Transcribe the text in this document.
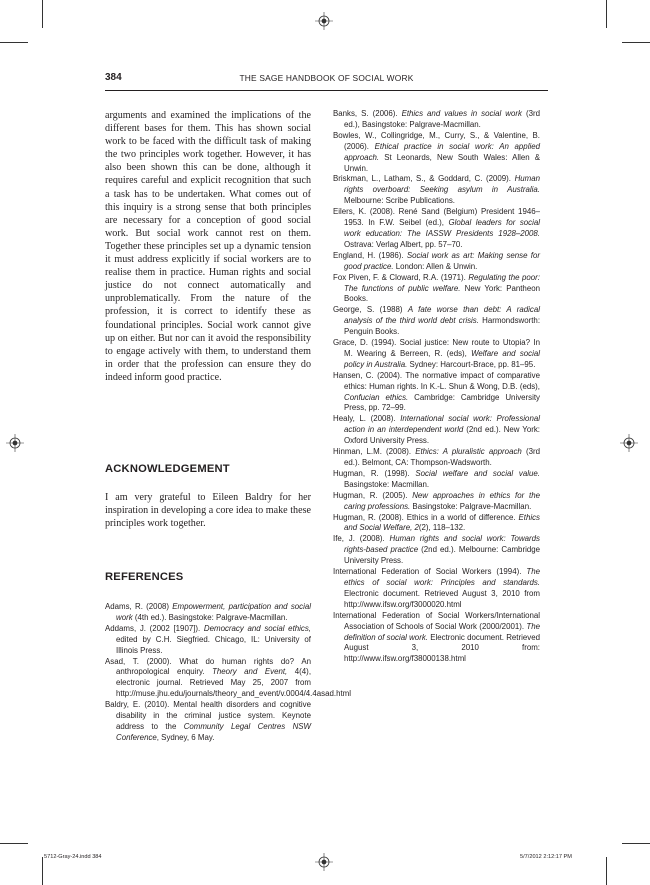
384	THE SAGE HANDBOOK OF SOCIAL WORK

arguments and examined the implications of the different bases for them. This has shown social work to be faced with the difficult task of making the two principles work together. However, it has also been shown this can be done, although it requires careful and explicit recognition that such a task has to be undertaken. What comes out of this inquiry is a strong sense that both principles are necessary for a conception of good social work. But social work cannot rest on them. Together these principles set up a dynamic tension it must address explicitly if social workers are to realise them in practice. Human rights and social justice do not connect automatically and unproblematically. From the nature of the profession, it is correct to identify these as foundational principles. Social work cannot give up on either. But nor can it avoid the responsibility to engage actively with them, to understand them in order that the profession can ensure they do indeed inform good practice.

ACKNOWLEDGEMENT

I am very grateful to Eileen Baldry for her inspiration in developing a core idea to make these principles work together.

REFERENCES

Adams, R. (2008) Empowerment, participation and social work (4th ed.). Basingstoke: Palgrave-Macmillan.

Addams, J. (2002 [1907]). Democracy and social ethics, edited by C.H. Siegfried. Chicago, IL: University of Illinois Press.

Asad, T. (2000). What do human rights do? An anthropological enquiry. Theory and Event, 4(4), electronic journal. Retrieved May 25, 2007 from http://muse.jhu.edu/journals/theory_and_event/v.0004/4.4asad.html

Baldry, E. (2010). Mental health disorders and cognitive disability in the criminal justice system. Keynote address to the Community Legal Centres NSW Conference, Sydney, 6 May.

Banks, S. (2006). Ethics and values in social work (3rd ed.), Basingstoke: Palgrave-Macmillan.

Bowles, W., Collingridge, M., Curry, S., & Valentine, B. (2006). Ethical practice in social work: An applied approach. St Leonards, New South Wales: Allen & Unwin.

Briskman, L., Latham, S., & Goddard, C. (2009). Human rights overboard: Seeking asylum in Australia. Melbourne: Scribe Publications.

Eilers, K. (2008). René Sand (Belgium) President 1946–1953. In F.W. Seibel (ed.), Global leaders for social work education: The IASSW Presidents 1928–2008. Ostrava: Verlag Albert, pp. 57–70.

England, H. (1986). Social work as art: Making sense for good practice. London: Allen & Unwin.

Fox Piven, F. & Cloward, R.A. (1971). Regulating the poor: The functions of public welfare. New York: Pantheon Books.

George, S. (1988) A fate worse than debt: A radical analysis of the third world debt crisis. Harmondsworth: Penguin Books.

Grace, D. (1994). Social justice: New route to Utopia? In M. Wearing & Berreen, R. (eds), Welfare and social policy in Australia. Sydney: Harcourt-Brace, pp. 81–95.

Hansen, C. (2004). The normative impact of comparative ethics: Human rights. In K.-L. Shun & Wong, D.B. (eds), Confucian ethics. Cambridge: Cambridge University Press, pp. 72–99.

Healy, L. (2008). International social work: Professional action in an interdependent world (2nd ed.). New York: Oxford University Press.

Hinman, L.M. (2008). Ethics: A pluralistic approach (3rd ed.). Belmont, CA: Thompson-Wadsworth.

Hugman, R. (1998). Social welfare and social value. Basingstoke: Macmillan.

Hugman, R. (2005). New approaches in ethics for the caring professions. Basingstoke: Palgrave-Macmillan.

Hugman, R. (2008). Ethics in a world of difference. Ethics and Social Welfare, 2(2), 118–132.

Ife, J. (2008). Human rights and social work: Towards rights-based practice (2nd ed.). Melbourne: Cambridge University Press.

International Federation of Social Workers (1994). The ethics of social work: Principles and standards. Electronic document. Retrieved August 3, 2010 from http://www.ifsw.org/f3000020.html

International Federation of Social Workers/International Association of Schools of Social Work (2000/2001). The definition of social work. Electronic document. Retrieved August 3, 2010 from: http://www.ifsw.org/f38000138.html

5712-Gray-24.indd 384	5/7/2012 2:12:17 PM
